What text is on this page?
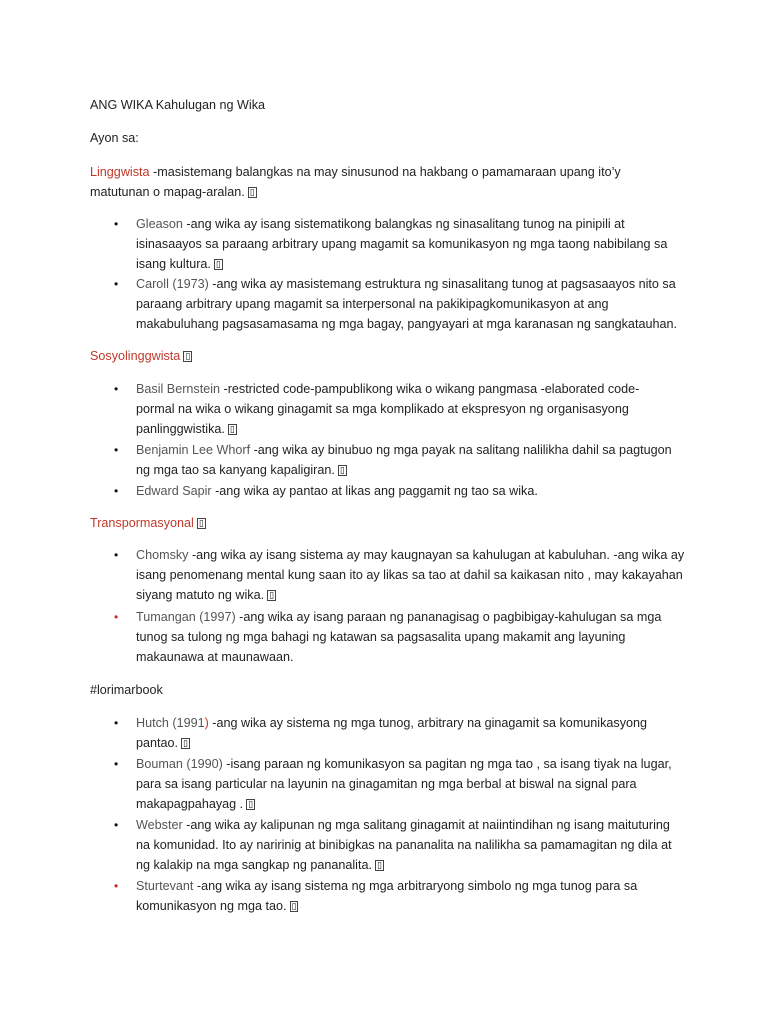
ANG WIKA Kahulugan ng Wika
Ayon sa:
Linggwista -masistemang balangkas na may sinusunod na hakbang o pamamaraan upang ito’y
matutunan o mapag-aralan. ▯
• Gleason -ang wika ay isang sistematikong balangkas ng sinasalitang tunog na pinipili at
isinasaayos sa paraang arbitrary upang magamit sa komunikasyon ng mga taong nabibilang sa
isang kultura. ▯
• Caroll (1973) -ang wika ay masistemang estruktura ng sinasalitang tunog at pagsasaayos nito sa
paraang arbitrary upang magamit sa interpersonal na pakikipagkomunikasyon at ang
makabuluhang pagsasamasama ng mga bagay, pangyayari at mga karanasan ng sangkatauhan.
Sosyolinggwista ▯
• Basil Bernstein -restricted code-pampublikong wika o wikang pangmasa -elaborated code-
pormal na wika o wikang ginagamit sa mga komplikado at ekspresyon ng organisasyong
panlinggwistika. ▯
• Benjamin Lee Whorf -ang wika ay binubuo ng mga payak na salitang nalilikha dahil sa pagtugon
ng mga tao sa kanyang kapaligiran. ▯
• Edward Sapir -ang wika ay pantao at likas ang paggamit ng tao sa wika.
Transpormasyonal ▯
• Chomsky -ang wika ay isang sistema ay may kaugnayan sa kahulugan at kabuluhan. -ang wika ay
isang penomenang mental kung saan ito ay likas sa tao at dahil sa kaikasan nito , may kakayahan
siyang matuto ng wika. ▯
• Tumangan (1997) -ang wika ay isang paraan ng pananagisag o pagbibigay-kahulugan sa mga
tunog sa tulong ng mga bahagi ng katawan sa pagsasalita upang makamit ang layuning
makaunawa at maunawaan.
#lorimarbook
• Hutch (1991) -ang wika ay sistema ng mga tunog, arbitrary na ginagamit sa komunikasyong
pantao. ▯
• Bouman (1990) -isang paraan ng komunikasyon sa pagitan ng mga tao , sa isang tiyak na lugar,
para sa isang particular na layunin na ginagamitan ng mga berbal at biswal na signal para
makapagpahayag . ▯
• Webster -ang wika ay kalipunan ng mga salitang ginagamit at naiintindihan ng isang maituturing
na komunidad. Ito ay naririnig at binibigkas na pananalita na nalilikha sa pamamagitan ng dila at
ng kalakip na mga sangkap ng pananalita. ▯
• Sturtevant -ang wika ay isang sistema ng mga arbitraryong simbolo ng mga tunog para sa
komunikasyon ng mga tao. ▯
